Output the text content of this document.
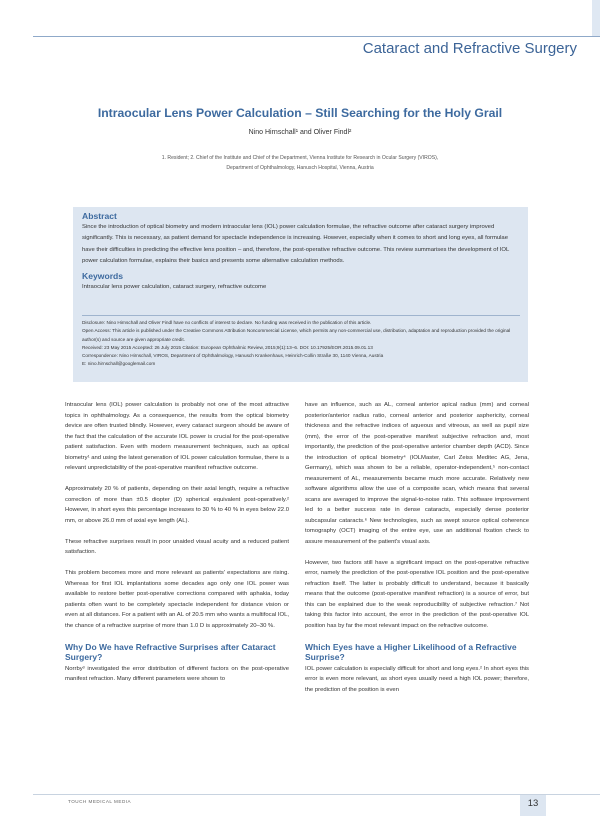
Cataract and Refractive Surgery
Intraocular Lens Power Calculation – Still Searching for the Holy Grail
Nino Hirnschall¹ and Oliver Findl²
1. Resident; 2. Chief of the Institute and Chief of the Department, Vienna Institute for Research in Ocular Surgery (VIROS),
Department of Ophthalmology, Hanusch Hospital, Vienna, Austria

Abstract

Since the introduction of optical biometry and modern intraocular lens (IOL) power calculation formulae, the refractive outcome after cataract surgery improved significantly. This is necessary, as patient demand for spectacle independence is increasing. However, especially when it comes to short and long eyes, all formulae have their difficulties in predicting the effective lens position – and, therefore, the post-operative refractive outcome. This review summarises the development of IOL power calculation formulae, explains their basics and presents some alternative calculation methods.

Keywords

Intraocular lens power calculation, cataract surgery, refractive outcome

Disclosure: Nino Hirnschall and Oliver Findl have no conflicts of interest to declare. No funding was received in the publication of this article.
Open Access: This article is published under the Creative Commons Attribution Noncommercial License, which permits any non-commercial use, distribution, adaptation and reproduction provided the original author(s) and source are given appropriate credit.
Received: 23 May 2015 Accepted: 26 July 2015 Citation: European Ophthalmic Review, 2015;9(1):13–6. DOI: 10.17925/EOR.2015.09.01.13
Correspondence: Nino Hirnschall, VIROS, Department of Ophthalmology, Hanusch Krankenhaus, Heinrich-Collin Straße 30, 1140 Vienna, Austria
E: nino.hirnschall@googlemail.com

Intraocular lens (IOL) power calculation is probably not one of the most attractive topics in ophthalmology. As a consequence, the results from the optical biometry device are often trusted blindly. However, every cataract surgeon should be aware of the fact that the calculation of the accurate IOL power is crucial for the post-operative patient satisfaction. Even with modern measurement techniques, such as optical biometry¹ and using the latest generation of IOL power calculation formulae, there is a relevant unpredictability of the post-operative manifest refractive outcome.

Approximately 20 % of patients, depending on their axial length, require a refractive correction of more than ±0.5 diopter (D) spherical equivalent post-operatively.² However, in short eyes this percentage increases to 30 % to 40 % in eyes below 22.0 mm, or above 26.0 mm of axial eye length (AL).

These refractive surprises result in poor unaided visual acuity and a reduced patient satisfaction.

This problem becomes more and more relevant as patients' expectations are rising. Whereas for first IOL implantations some decades ago only one IOL power was available to restore better post-operative corrections compared with aphakia, today patients often want to be completely spectacle independent for distance vision or even at all distances. For a patient with an AL of 20.5 mm who wants a multifocal IOL, the chance of a refractive surprise of more than 1.0 D is approximately 20–30 %.

Why Do We have Refractive Surprises after Cataract Surgery?

Norrby³ investigated the error distribution of different factors on the post-operative manifest refraction. Many different parameters were shown to

have an influence, such as AL, corneal anterior apical radius (mm) and corneal posterior/anterior radius ratio, corneal anterior and posterior asphericity, corneal thickness and the refractive indices of aqueous and vitreous, as well as pupil size (mm), the error of the post-operative manifest subjective refraction and, most importantly, the prediction of the post-operative anterior chamber depth (ACD). Since the introduction of optical biometry⁴ (IOLMaster, Carl Zeiss Meditec AG, Jena, Germany), which was shown to be a reliable, operator-independent,⁵ non-contact measurement of AL, measurements became much more accurate. Relatively new software algorithms allow the use of a composite scan, which means that several scans are averaged to improve the signal-to-noise ratio. This software improvement led to a better success rate in dense cataracts, especially dense posterior subcapsular cataracts.⁶ New technologies, such as swept source optical coherence tomography (OCT) imaging of the entire eye, use an additional fixation check to assure measurement of the patient's visual axis.

However, two factors still have a significant impact on the post-operative refractive error, namely the prediction of the post-operative IOL position and the post-operative refraction itself. The latter is probably difficult to understand, because it basically means that the outcome (post-operative manifest refraction) is a source of error, but this can be explained due to the weak reproducibility of subjective refraction.⁷ Not taking this factor into account, the error in the prediction of the post-operative IOL position has by far the most relevant impact on the refractive outcome.

Which Eyes have a Higher Likelihood of a Refractive Surprise?

IOL power calculation is especially difficult for short and long eyes.² In short eyes this error is even more relevant, as short eyes usually need a high IOL power; therefore, the prediction of the position is even

TOUCH MEDICAL MEDIA	13
